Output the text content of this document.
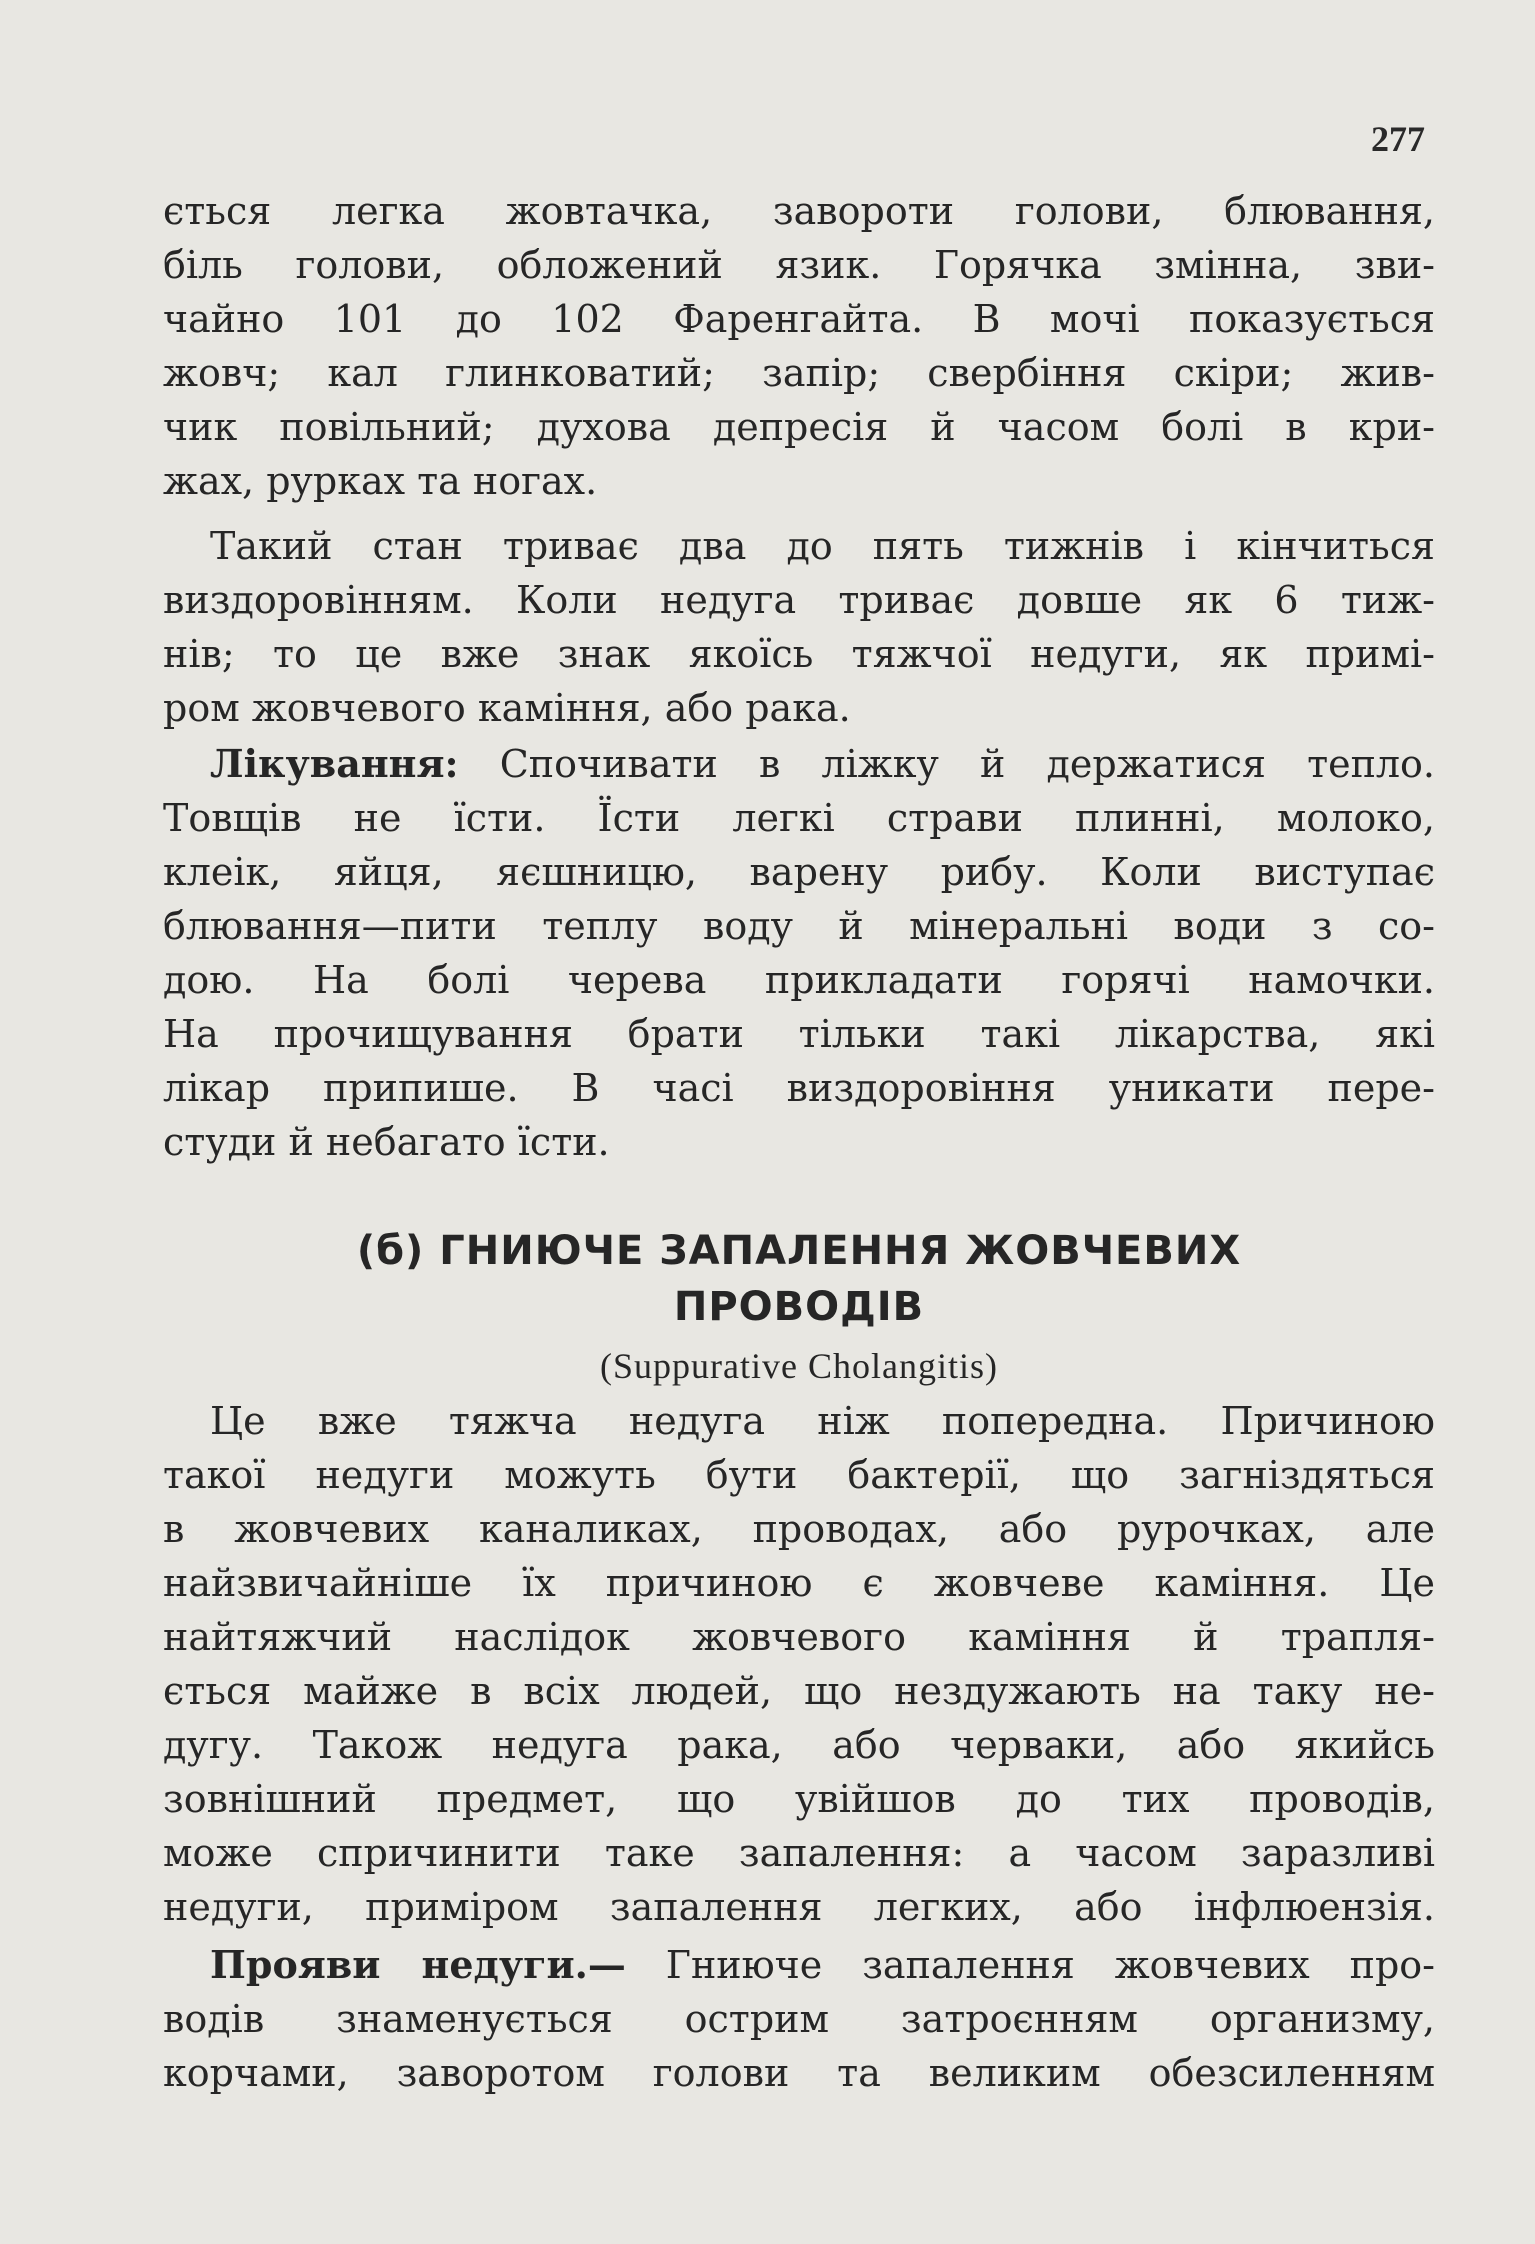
277
ється легка жовтачка, завороти голови, блювання,
біль голови, обложений язик. Горячка змінна, зви-
чайно 101 до 102 Фаренгайта. В мочі показується
жовч; кал глинковатий; запір; свербіння скіри; жив-
чик повільний; духова депресія й часом болі в кри-
жах, рурках та ногах.
Такий стан триває два до пять тижнів і кінчиться
виздоровінням. Коли недуга триває довше як 6 тиж-
нів; то це вже знак якоїсь тяжчої недуги, як примі-
ром жовчевого каміння, або рака.
Лікування: Спочивати в ліжку й держатися тепло.
Товщів не їсти. Їсти легкі страви плинні, молоко,
клеік, яйця, яєшницю, варену рибу. Коли виступає
блювання—пити теплу воду й мінеральні води з со-
дою. На болі черева прикладати горячі намочки.
На прочищування брати тільки такі лікарства, які
лікар припише. В часі виздоровіння уникати пере-
студи й небагато їсти.
(б) ГНИЮЧЕ ЗАПАЛЕННЯ ЖОВЧЕВИХ
ПРОВОДІВ
(Suppurative Cholangitis)
Це вже тяжча недуга ніж попередна. Причиною
такої недуги можуть бути бактерії, що загніздяться
в жовчевих каналиках, проводах, або рурочках, але
найзвичайніше їх причиною є жовчеве каміння. Це
найтяжчий наслідок жовчевого каміння й трапля-
ється майже в всіх людей, що нездужають на таку не-
дугу. Також недуга рака, або черваки, або якийсь
зовнішний предмет, що увійшов до тих проводів,
може спричинити таке запалення: а часом заразливі
недуги, приміром запалення легких, або інфлюензія.
Прояви недуги.— Гниюче запалення жовчевих про-
водів знаменується острим затроєнням организму,
корчами, заворотом голови та великим обезсиленням
